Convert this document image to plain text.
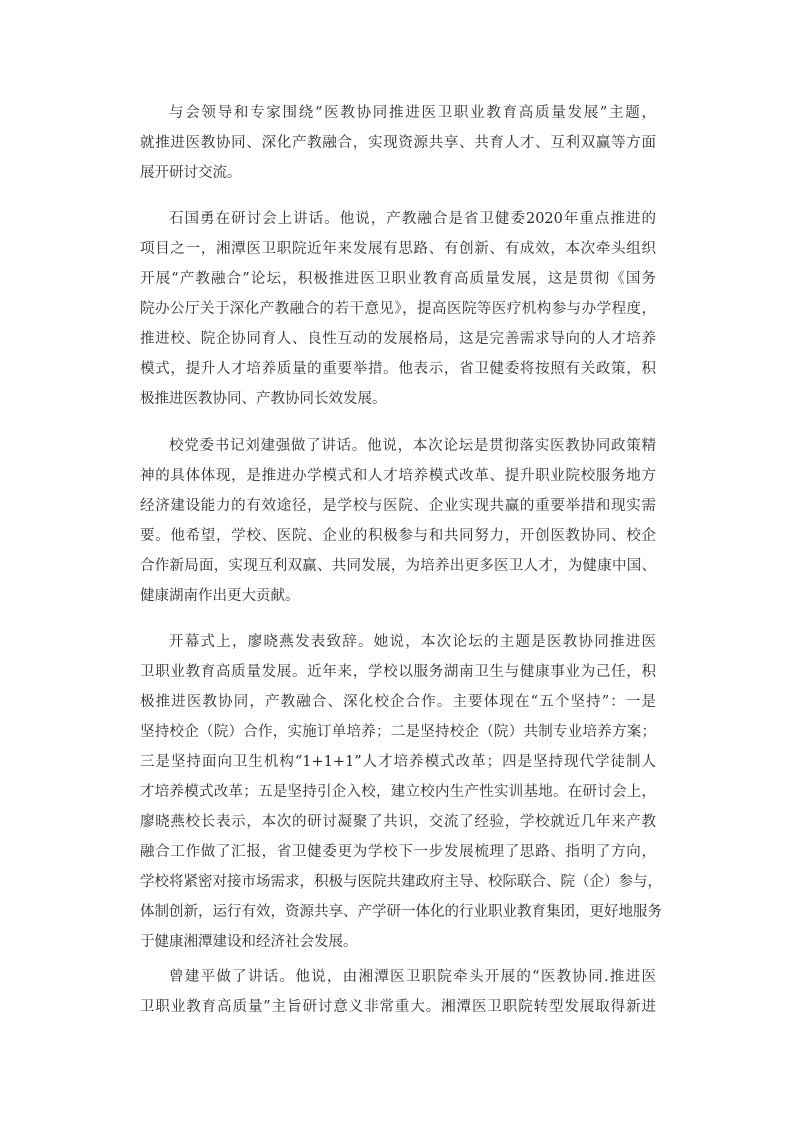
与会领导和专家围绕“医教协同推进医卫职业教育高质量发展”主题，
就推进医教协同、深化产教融合，实现资源共享、共育人才、互利双赢等方面
展开研讨交流。

石国勇在研讨会上讲话。他说，产教融合是省卫健委2020年重点推进的
项目之一，湘潭医卫职院近年来发展有思路、有创新、有成效，本次牵头组织
开展“产教融合”论坛，积极推进医卫职业教育高质量发展，这是贯彻《国务
院办公厅关于深化产教融合的若干意见》，提高医院等医疗机构参与办学程度，
推进校、院企协同育人、良性互动的发展格局，这是完善需求导向的人才培养
模式，提升人才培养质量的重要举措。他表示，省卫健委将按照有关政策，积
极推进医教协同、产教协同长效发展。

校党委书记刘建强做了讲话。他说，本次论坛是贯彻落实医教协同政策精
神的具体体现，是推进办学模式和人才培养模式改革、提升职业院校服务地方
经济建设能力的有效途径，是学校与医院、企业实现共赢的重要举措和现实需
要。他希望，学校、医院、企业的积极参与和共同努力，开创医教协同、校企
合作新局面，实现互利双赢、共同发展，为培养出更多医卫人才，为健康中国、
健康湖南作出更大贡献。

开幕式上，廖晓燕发表致辞。她说，本次论坛的主题是医教协同推进医
卫职业教育高质量发展。近年来，学校以服务湖南卫生与健康事业为己任，积
极推进医教协同，产教融合、深化校企合作。主要体现在“五个坚持”：一是
坚持校企（院）合作，实施订单培养；二是坚持校企（院）共制专业培养方案；
三是坚持面向卫生机构“1+1+1”人才培养模式改革；四是坚持现代学徒制人
才培养模式改革；五是坚持引企入校，建立校内生产性实训基地。在研讨会上，
廖晓燕校长表示，本次的研讨凝聚了共识，交流了经验，学校就近几年来产教
融合工作做了汇报，省卫健委更为学校下一步发展梳理了思路、指明了方向，
学校将紧密对接市场需求，积极与医院共建政府主导、校际联合、院（企）参与，
体制创新，运行有效，资源共享、产学研一体化的行业职业教育集团，更好地服务
于健康湘潭建设和经济社会发展。

曾建平做了讲话。他说，由湘潭医卫职院牵头开展的“医教协同.推进医
卫职业教育高质量”主旨研讨意义非常重大。湘潭医卫职院转型发展取得新进
